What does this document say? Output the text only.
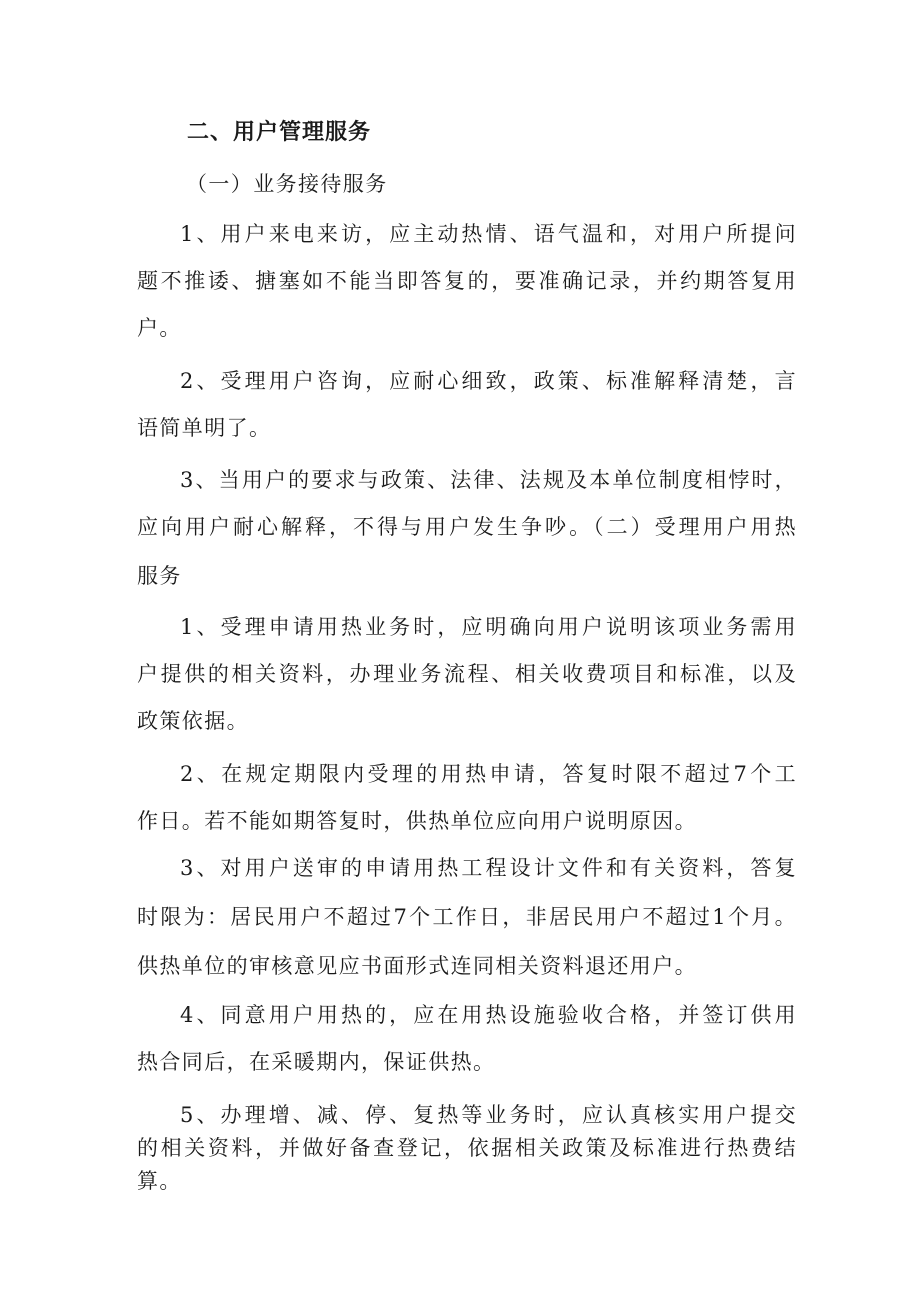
二、用户管理服务
（一）业务接待服务
1、用户来电来访，应主动热情、语气温和，对用户所提问
题不推诿、搪塞如不能当即答复的，要准确记录，并约期答复用
户。
2、受理用户咨询，应耐心细致，政策、标准解释清楚，言
语简单明了。
3、当用户的要求与政策、法律、法规及本单位制度相悖时，
应向用户耐心解释，不得与用户发生争吵。（二）受理用户用热
服务
1、受理申请用热业务时，应明确向用户说明该项业务需用
户提供的相关资料，办理业务流程、相关收费项目和标准，以及
政策依据。
2、在规定期限内受理的用热申请，答复时限不超过7个工
作日。若不能如期答复时，供热单位应向用户说明原因。
3、对用户送审的申请用热工程设计文件和有关资料，答复
时限为：居民用户不超过7个工作日，非居民用户不超过1个月。
供热单位的审核意见应书面形式连同相关资料退还用户。
4、同意用户用热的，应在用热设施验收合格，并签订供用
热合同后，在采暖期内，保证供热。
5、办理增、减、停、复热等业务时，应认真核实用户提交
的相关资料，并做好备查登记，依据相关政策及标准进行热费结
算。
